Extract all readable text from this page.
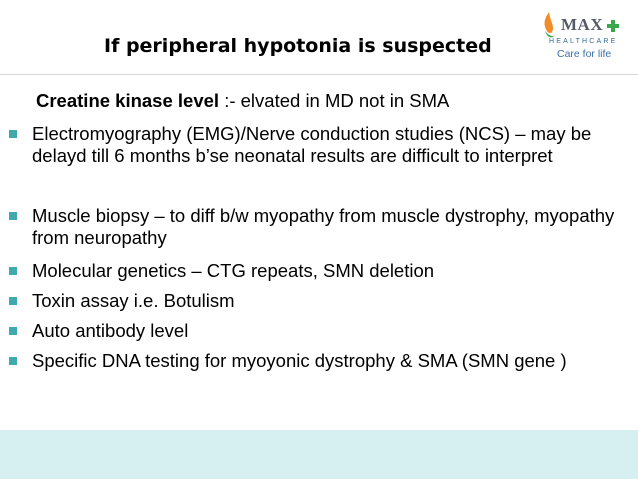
If peripheral hypotonia is suspected
MAX
HEALTHCARE
Care for life
Creatine kinase level :- elvated in MD not in SMA
Electromyography (EMG)/Nerve conduction studies (NCS) – may be delayd till 6 months b’se neonatal results are difficult to interpret
Muscle biopsy – to diff b/w myopathy from muscle dystrophy, myopathy from neuropathy
Molecular genetics – CTG repeats, SMN deletion
Toxin assay i.e. Botulism
Auto antibody level
Specific DNA testing for myoyonic dystrophy & SMA (SMN gene )
